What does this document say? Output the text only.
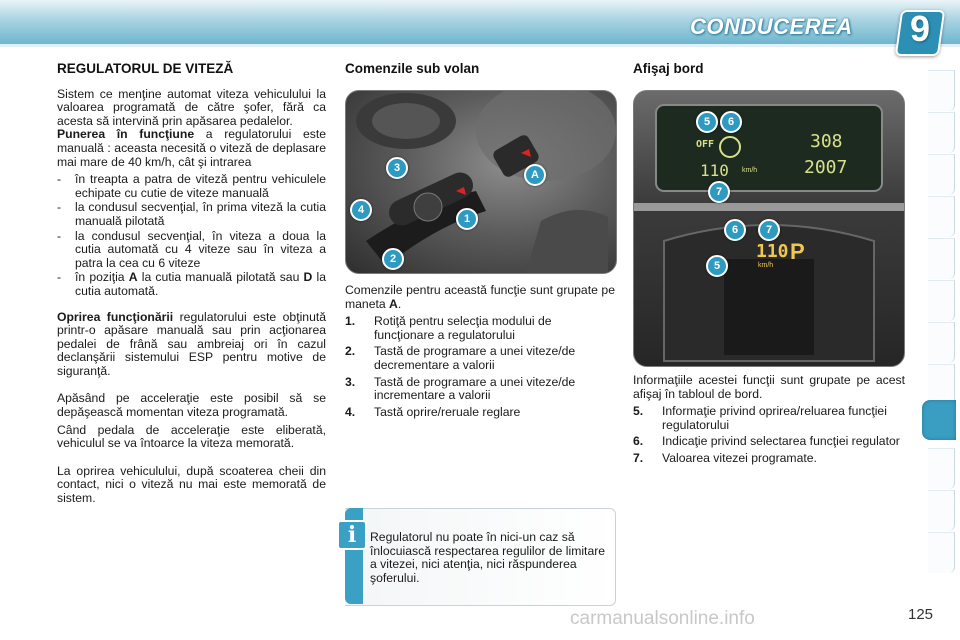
CONDUCEREA 9
REGULATORUL DE VITEZĂ

Sistem ce menţine automat viteza vehiculului la valoarea programată de către şofer, fără ca acesta să intervină prin apăsarea pedalelor.

Punerea în funcţiune a regulatorului este manuală : aceasta necesită o viteză de deplasare mai mare de 40 km/h, cât şi intrarea

- în treapta a patra de viteză pentru vehiculele echipate cu cutie de viteze manuală
- la condusul secvenţial, în prima viteză la cutia manuală pilotată
- la condusul secvenţial, în viteza a doua la cutia automată cu 4 viteze sau în viteza a patra la cea cu 6 viteze
- în poziţia A la cutia manuală pilotată sau D la cutia automată.

Oprirea funcţionării regulatorului este obţinută printr-o apăsare manuală sau prin acţionarea pedalei de frână sau ambreiaj ori în cazul declanşării sistemului ESP pentru motive de siguranţă.

Apăsând pe acceleraţie este posibil să se depăşească momentan viteza programată.

Când pedala de acceleraţie este eliberată, vehiculul se va întoarce la viteza memorată.

La oprirea vehiculului, după scoaterea cheii din contact, nici o viteză nu mai este memorată de sistem.

Comenzile sub volan
3
4
1
2
A

Comenzile pentru această funcţie sunt grupate pe maneta A.

1. Rotiţă pentru selecţia modului de funcţionare a regulatorului
2. Tastă de programare a unei viteze/de decrementare a valorii
3. Tastă de programare a unei viteze/de incrementare a valorii
4. Tastă oprire/reruale reglare
Afişaj bord
OFF
110 km/h
308
2007
110
km/h
P
5	6
7
6	7
5

Informaţiile acestei funcţii sunt grupate pe acest afişaj în tabloul de bord.

5. Informaţie privind oprirea/reluarea funcţiei regulatorului
6. Indicaţie privind selectarea funcţiei regulator
7. Valoarea vitezei programate.
i	Regulatorul nu poate în nici-un caz să înlocuiască respectarea regulilor de limitare a vitezei, nici atenţia, nici răspunderea şoferului.
carmanualsonline.info	125
